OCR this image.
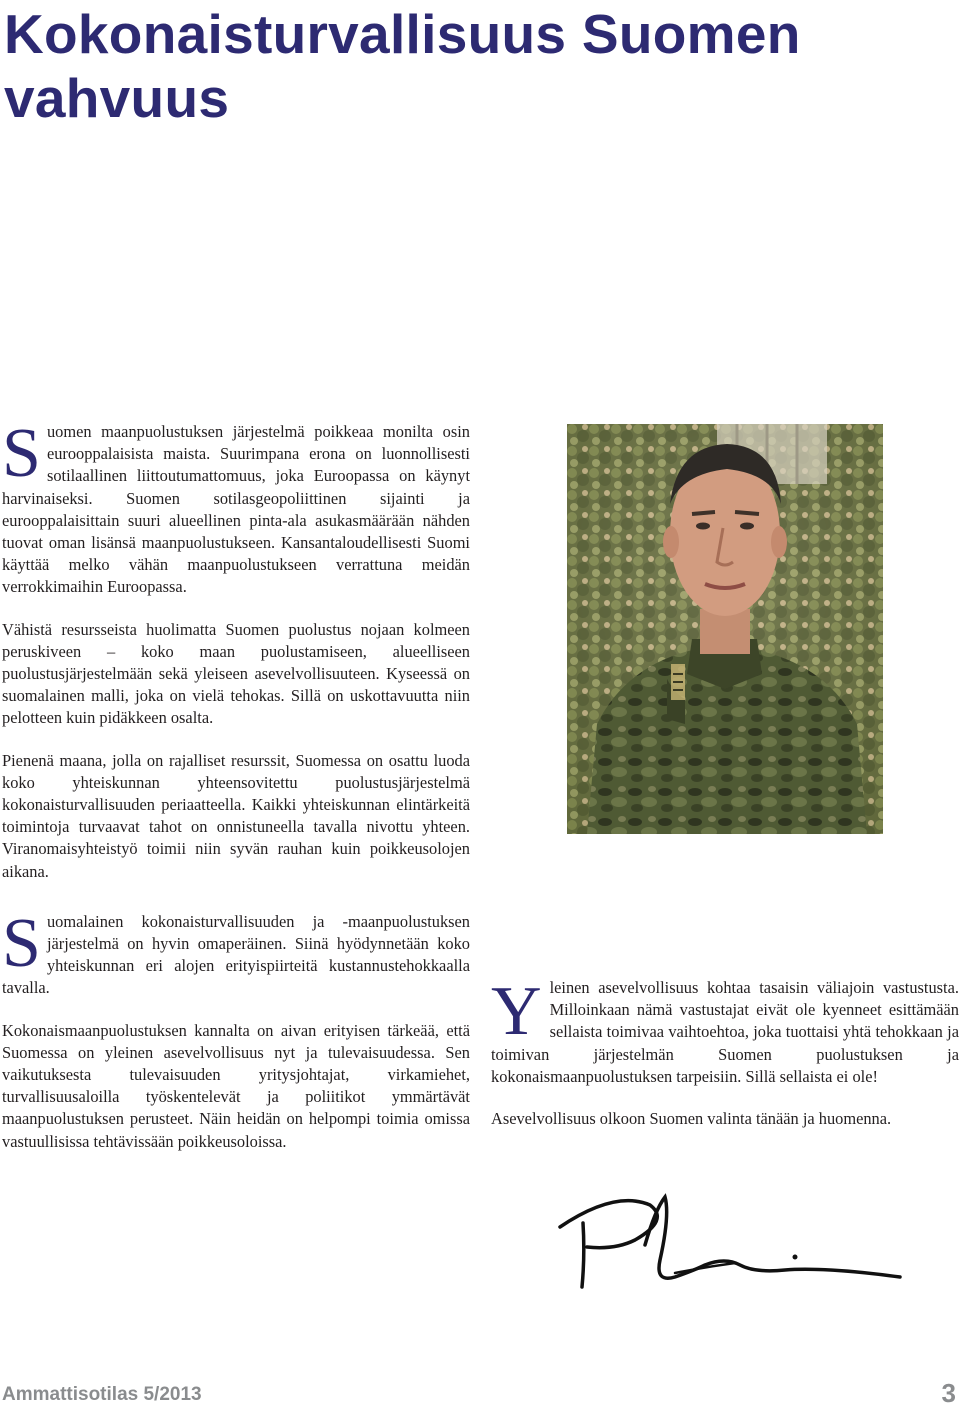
Kokonaisturvallisuus Suomen vahvuus

Suomen maanpuolustuksen järjestelmä poikkeaa monilta osin eurooppalaisista maista. Suurimpana erona on luonnollisesti sotilaallinen liittoutumattomuus, joka Euroopassa on käynyt harvinaiseksi. Suomen sotilasgeopoliittinen sijainti ja eurooppalaisittain suuri alueellinen pinta-ala asukasmäärään nähden tuovat oman lisänsä maanpuolustukseen. Kansantaloudellisesti Suomi käyttää melko vähän maanpuolustukseen verrattuna meidän verrokkimaihin Euroopassa.

Vähistä resursseista huolimatta Suomen puolustus nojaan kolmeen peruskiveen – koko maan puolustamiseen, alueelliseen puolustusjärjestelmään sekä yleiseen asevelvollisuuteen. Kyseessä on suomalainen malli, joka on vielä tehokas. Sillä on uskottavuutta niin pelotteen kuin pidäkkeen osalta.

Pienenä maana, jolla on rajalliset resurssit, Suomessa on osattu luoda koko yhteiskunnan yhteensovitettu puolustusjärjestelmä kokonaisturvallisuuden periaatteella. Kaikki yhteiskunnan elintärkeitä toimintoja turvaavat tahot on onnistuneella tavalla nivottu yhteen. Viranomaisyhteistyö toimii niin syvän rauhan kuin poikkeusolojen aikana.

Suomalainen kokonaisturvallisuuden ja -maanpuolustuksen järjestelmä on hyvin omaperäinen. Siinä hyödynnetään koko yhteiskunnan eri alojen erityispiirteitä kustannustehokkaalla tavalla.

Kokonaismaanpuolustuksen kannalta on aivan erityisen tärkeää, että Suomessa on yleinen asevelvollisuus nyt ja tulevaisuudessa. Sen vaikutuksesta tulevaisuuden yritysjohtajat, virkamiehet, turvallisuusaloilla työskentelevät ja poliitikot ymmärtävät maanpuolustuksen perusteet. Näin heidän on helpompi toimia omissa vastuullisissa tehtävissään poikkeusoloissa.

Yleinen asevelvollisuus kohtaa tasaisin väliajoin vastustusta. Milloinkaan nämä vastustajat eivät ole kyenneet esittämään sellaista toimivaa vaihtoehtoa, joka tuottaisi yhtä tehokkaan ja toimivan järjestelmän Suomen puolustuksen ja kokonaismaanpuolustuksen tarpeisiin. Sillä sellaista ei ole!

Asevelvollisuus olkoon Suomen valinta tänään ja huomenna.

Ammattisotilas 5/2013	3
